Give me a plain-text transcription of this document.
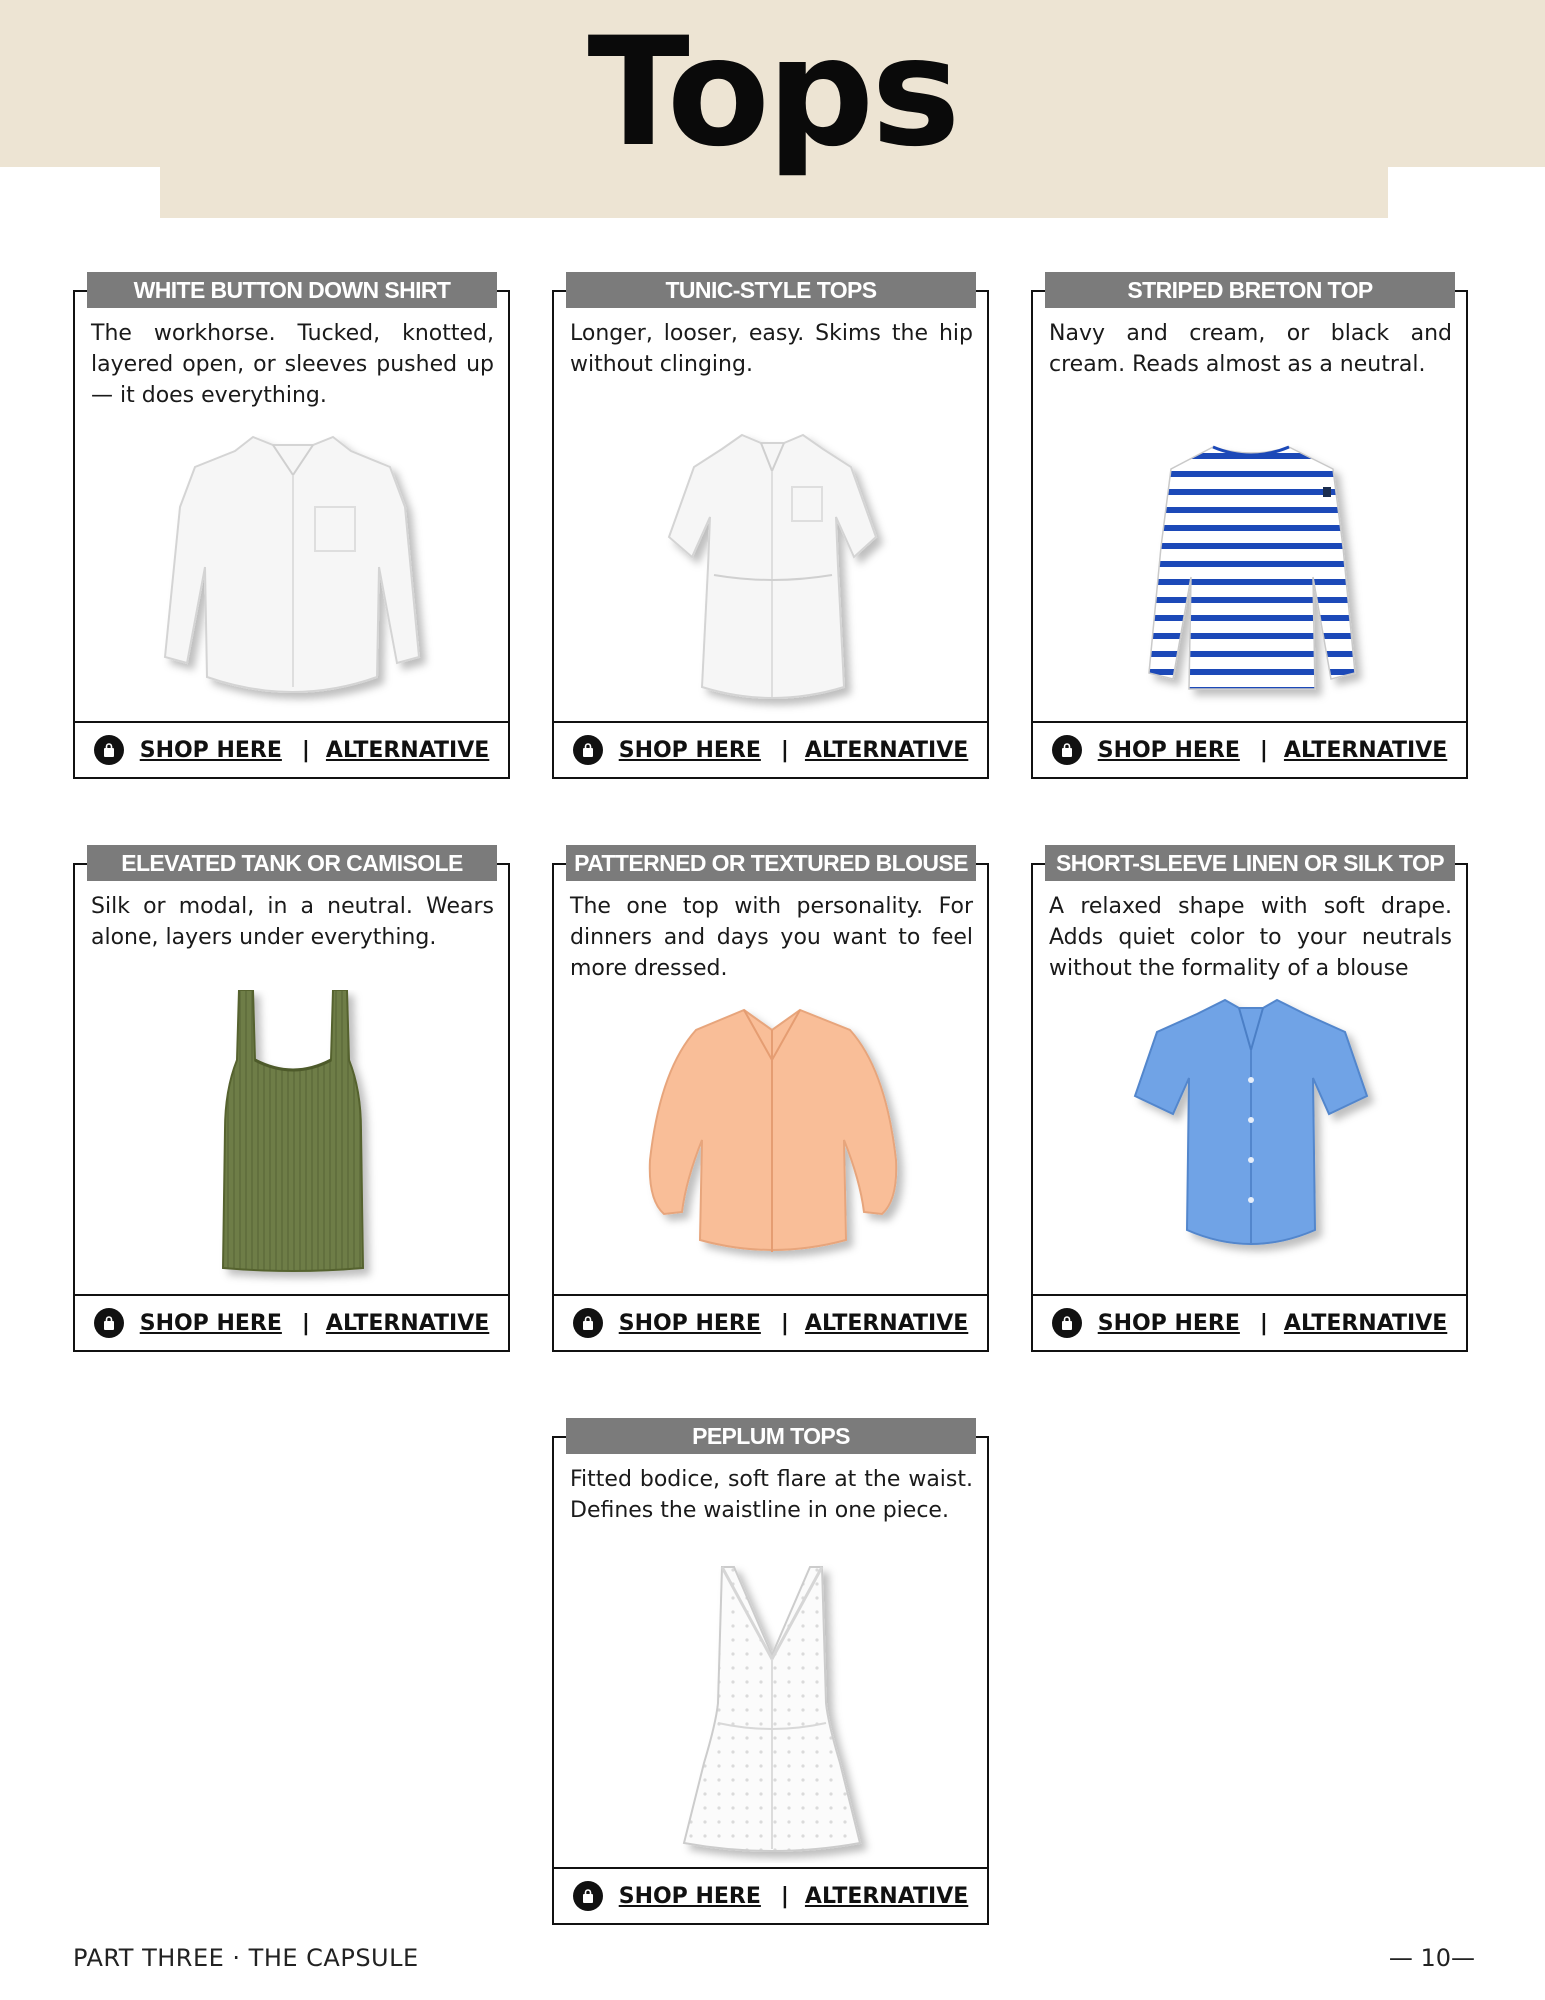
Tops
WHITE BUTTON DOWN SHIRT
The workhorse. Tucked, knotted, layered open, or sleeves pushed up — it does everything.
SHOP HERE | ALTERNATIVE
TUNIC-STYLE TOPS
Longer, looser, easy. Skims the hip without clinging.
SHOP HERE | ALTERNATIVE
STRIPED BRETON TOP
Navy and cream, or black and cream. Reads almost as a neutral.
SHOP HERE | ALTERNATIVE
ELEVATED TANK OR CAMISOLE
Silk or modal, in a neutral. Wears alone, layers under everything.
SHOP HERE | ALTERNATIVE
PATTERNED OR TEXTURED BLOUSE
The one top with personality. For dinners and days you want to feel more dressed.
SHOP HERE | ALTERNATIVE
SHORT-SLEEVE LINEN OR SILK TOP
A relaxed shape with soft drape. Adds quiet color to your neutrals without the formality of a blouse
SHOP HERE | ALTERNATIVE
PEPLUM TOPS
Fitted bodice, soft flare at the waist. Defines the waistline in one piece.
SHOP HERE | ALTERNATIVE
PART THREE · THE CAPSULE	— 10—
